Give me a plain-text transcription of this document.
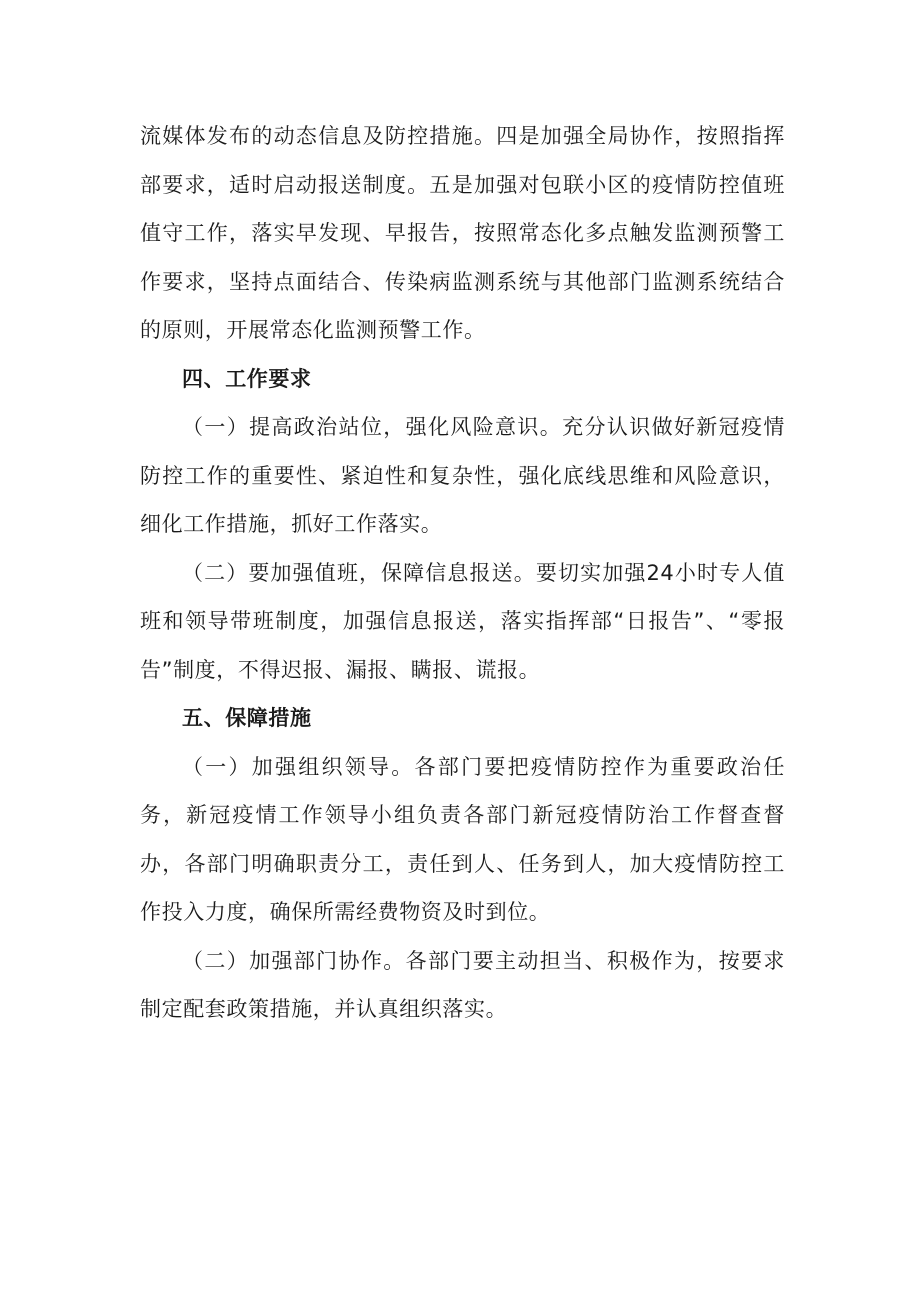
流媒体发布的动态信息及防控措施。四是加强全局协作，按照指挥部要求，适时启动报送制度。五是加强对包联小区的疫情防控值班值守工作，落实早发现、早报告，按照常态化多点触发监测预警工作要求，坚持点面结合、传染病监测系统与其他部门监测系统结合的原则，开展常态化监测预警工作。

四、工作要求

（一）提高政治站位，强化风险意识。充分认识做好新冠疫情防控工作的重要性、紧迫性和复杂性，强化底线思维和风险意识，细化工作措施，抓好工作落实。

（二）要加强值班，保障信息报送。要切实加强24小时专人值班和领导带班制度，加强信息报送，落实指挥部“日报告”、“零报告”制度，不得迟报、漏报、瞒报、谎报。

五、保障措施

（一）加强组织领导。各部门要把疫情防控作为重要政治任务，新冠疫情工作领导小组负责各部门新冠疫情防治工作督查督办，各部门明确职责分工，责任到人、任务到人，加大疫情防控工作投入力度，确保所需经费物资及时到位。

（二）加强部门协作。各部门要主动担当、积极作为，按要求制定配套政策措施，并认真组织落实。
